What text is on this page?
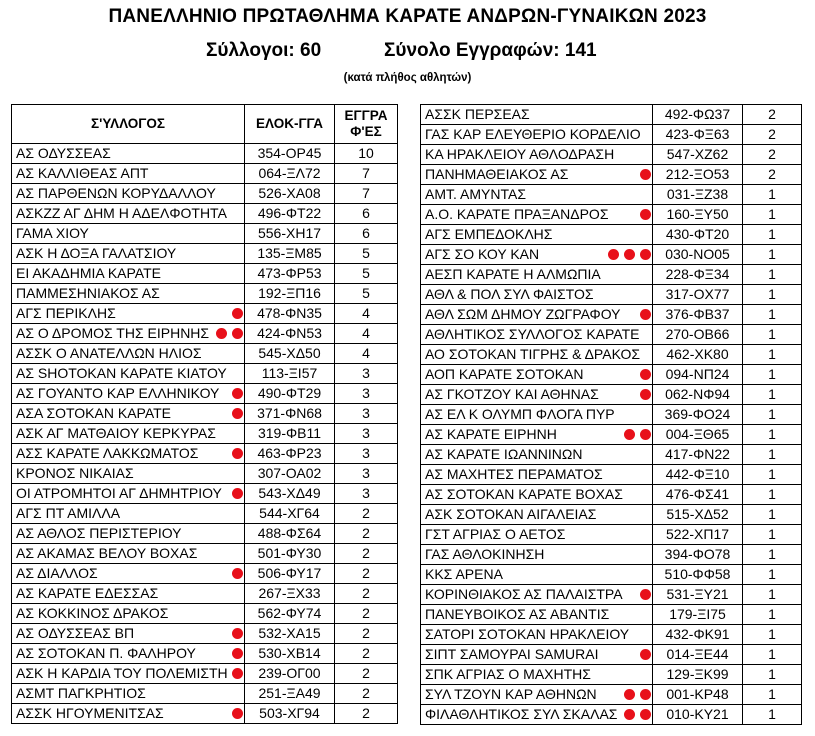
ΠΑΝΕΛΛΗΝΙΟ ΠΡΩΤΑΘΛΗΜΑ ΚΑΡΑΤΕ ΑΝΔΡΩΝ-ΓΥΝΑΙΚΩΝ 2023
Σύλλογοι: 60	Σύνολο Εγγραφών: 141
(κατά πλήθος αθλητών)
Σ'ΥΛΛΟΓΟΣ	ΕΛΟΚ-ΓΓΑ	ΕΓΓΡΑ
Φ'ΕΣ
ΑΣ ΟΔΥΣΣΕΑΣ	354-ΟΡ45	10
ΑΣ ΚΑΛΛΙΘΕΑΣ ΑΠΤ	064-ΞΛ72	7
ΑΣ ΠΑΡΘΕΝΩΝ ΚΟΡΥΔΑΛΛΟΥ	526-ΧΑ08	7
ΑΣΚΖΖ ΑΓ ΔΗΜ Η ΑΔΕΛΦΟΤΗΤΑ	496-ΦΤ22	6
ΓΑΜΑ ΧΙΟΥ	556-ΧΗ17	6
ΑΣΚ Η ΔΟΞΑ ΓΑΛΑΤΣΙΟΥ	135-ΞΜ85	5
ΕΙ ΑΚΑΔΗΜΙΑ ΚΑΡΑΤΕ	473-ΦΡ53	5
ΠΑΜΜΕΣΗΝΙΑΚΟΣ ΑΣ	192-ΞΠ16	5
ΑΓΣ ΠΕΡΙΚΛΗΣ	478-ΦΝ35	4
ΑΣ Ο ΔΡΟΜΟΣ ΤΗΣ ΕΙΡΗΝΗΣ	424-ΦΝ53	4
ΑΣΣΚ Ο ΑΝΑΤΕΛΛΩΝ ΗΛΙΟΣ	545-ΧΔ50	4
ΑΣ SHOTOKAN ΚΑΡΑΤΕ ΚΙΑΤΟΥ	113-ΞΙ57	3
ΑΣ ΓΟΥΑΝΤΟ ΚΑΡ ΕΛΛΗΝΙΚΟΥ	490-ΦΤ29	3
ΑΣΑ ΣΟΤΟΚΑΝ ΚΑΡΑΤΕ	371-ΦΝ68	3
ΑΣΚ ΑΓ ΜΑΤΘΑΙΟΥ ΚΕΡΚΥΡΑΣ	319-ΦΒ11	3
ΑΣΣ ΚΑΡΑΤΕ ΛΑΚΚΩΜΑΤΟΣ	463-ΦΡ23	3
ΚΡΟΝΟΣ ΝΙΚΑΙΑΣ	307-ΟΑ02	3
ΟΙ ΑΤΡΟΜΗΤΟΙ ΑΓ ΔΗΜΗΤΡΙΟΥ	543-ΧΔ49	3
ΑΓΣ ΠΤ ΑΜΙΛΛΑ	544-ΧΓ64	2
ΑΣ ΑΘΛΟΣ ΠΕΡΙΣΤΕΡΙΟΥ	488-ΦΣ64	2
ΑΣ ΑΚΑΜΑΣ ΒΕΛΟΥ ΒΟΧΑΣ	501-ΦΥ30	2
ΑΣ ΔΙΑΛΛΟΣ	506-ΦΥ17	2
ΑΣ ΚΑΡΑΤΕ ΕΔΕΣΣΑΣ	267-ΞΧ33	2
ΑΣ ΚΟΚΚΙΝΟΣ ΔΡΑΚΟΣ	562-ΦΥ74	2
ΑΣ ΟΔΥΣΣΕΑΣ ΒΠ	532-ΧΑ15	2
ΑΣ ΣΟΤΟΚΑΝ Π. ΦΑΛΗΡΟΥ	530-ΧΒ14	2
ΑΣΚ Η ΚΑΡΔΙΑ ΤΟΥ ΠΟΛΕΜΙΣΤΗ	239-ΟΓ00	2
ΑΣΜΤ ΠΑΓΚΡΗΤΙΟΣ	251-ΞΑ49	2
ΑΣΣΚ ΗΓΟΥΜΕΝΙΤΣΑΣ	503-ΧΓ94	2
ΑΣΣΚ ΠΕΡΣΕΑΣ	492-ΦΩ37	2
ΓΑΣ ΚΑΡ ΕΛΕΥΘΕΡΙΟ ΚΟΡΔΕΛΙΟ	423-ΦΞ63	2
ΚΑ ΗΡΑΚΛΕΙΟΥ ΑΘΛΟΔΡΑΣΗ	547-ΧΖ62	2
ΠΑΝΗΜΑΘΕΙΑΚΟΣ ΑΣ	212-ΞΟ53	2
ΑΜΤ. ΑΜΥΝΤΑΣ	031-ΞΖ38	1
Α.Ο. ΚΑΡΑΤΕ ΠΡΑΞΑΝΔΡΟΣ	160-ΞΥ50	1
ΑΓΣ ΕΜΠΕΔΟΚΛΗΣ	430-ΦΤ20	1
ΑΓΣ ΣΟ ΚΟΥ ΚΑΝ	030-ΝΟ05	1
ΑΕΣΠ ΚΑΡΑΤΕ Η ΑΛΜΩΠΙΑ	228-ΦΞ34	1
ΑΘΛ & ΠΟΛ ΣΥΛ ΦΑΙΣΤΟΣ	317-ΟΧ77	1
ΑΘΛ ΣΩΜ ΔΗΜΟΥ ΖΩΓΡΑΦΟΥ	376-ΦΒ37	1
ΑΘΛΗΤΙΚΟΣ ΣΥΛΛΟΓΟΣ ΚΑΡΑΤΕ	270-ΟΒ66	1
ΑΟ ΣΟΤΟΚΑΝ ΤΙΓΡΗΣ & ΔΡΑΚΟΣ	462-ΧΚ80	1
ΑΟΠ ΚΑΡΑΤΕ ΣΟΤΟΚΑΝ	094-ΝΠ24	1
ΑΣ ΓΚΟΤΖΟΥ ΚΑΙ ΑΘΗΝΑΣ	062-ΝΦ94	1
ΑΣ ΕΛ Κ ΟΛΥΜΠ ΦΛΟΓΑ ΠΥΡ	369-ΦΟ24	1
ΑΣ ΚΑΡΑΤΕ ΕΙΡΗΝΗ	004-ΞΘ65	1
ΑΣ ΚΑΡΑΤΕ ΙΩΑΝΝΙΝΩΝ	417-ΦΝ22	1
ΑΣ ΜΑΧΗΤΕΣ ΠΕΡΑΜΑΤΟΣ	442-ΦΞ10	1
ΑΣ ΣΟΤΟΚΑΝ ΚΑΡΑΤΕ ΒΟΧΑΣ	476-ΦΣ41	1
ΑΣΚ ΣΟΤΟΚΑΝ ΑΙΓΑΛΕΙΑΣ	515-ΧΔ52	1
ΓΣΤ ΑΓΡΙΑΣ Ο ΑΕΤΟΣ	522-ΧΠ17	1
ΓΑΣ ΑΘΛΟΚΙΝΗΣΗ	394-ΦΟ78	1
ΚΚΣ ΑΡΕΝΑ	510-ΦΦ58	1
ΚΟΡΙΝΘΙΑΚΟΣ ΑΣ ΠΑΛΑΙΣΤΡΑ	531-ΞΥ21	1
ΠΑΝΕΥΒΟΙΚΟΣ ΑΣ ΑΒΑΝΤΙΣ	179-ΞΙ75	1
ΣΑΤΟΡΙ ΣΟΤΟΚΑΝ ΗΡΑΚΛΕΙΟΥ	432-ΦΚ91	1
ΣΙΠΤ ΣΑΜΟΥΡΑΙ SAMURAI	014-ΞΕ44	1
ΣΠΚ ΑΓΡΙΑΣ Ο ΜΑΧΗΤΗΣ	129-ΞΚ99	1
ΣΥΛ ΤΖΟΥΝ ΚΑΡ ΑΘΗΝΩΝ	001-ΚΡ48	1
ΦΙΛΑΘΛΗΤΙΚΟΣ ΣΥΛ ΣΚΑΛΑΣ	010-ΚΥ21	1
